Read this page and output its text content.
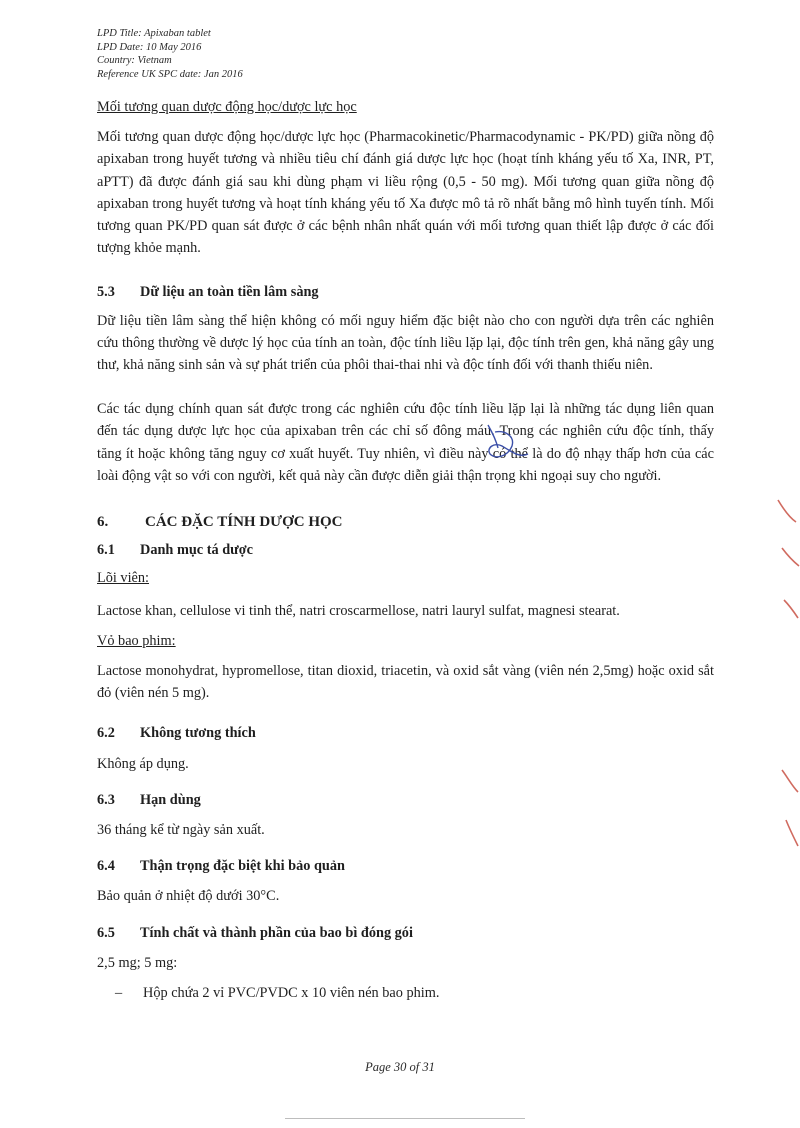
LPD Title: Apixaban tablet
LPD Date: 10 May 2016
Country: Vietnam
Reference UK SPC date: Jan 2016
Mối tương quan dược động học/dược lực học

Mối tương quan dược động học/dược lực học (Pharmacokinetic/Pharmacodynamic - PK/PD) giữa nồng độ apixaban trong huyết tương và nhiều tiêu chí đánh giá dược lực học (hoạt tính kháng yếu tố Xa, INR, PT, aPTT) đã được đánh giá sau khi dùng phạm vi liều rộng (0,5 - 50 mg). Mối tương quan giữa nồng độ apixaban trong huyết tương và hoạt tính kháng yếu tố Xa được mô tả rõ nhất bằng mô hình tuyến tính. Mối tương quan PK/PD quan sát được ở các bệnh nhân nhất quán với mối tương quan thiết lập được ở các đối tượng khỏe mạnh.

5.3	Dữ liệu an toàn tiền lâm sàng

Dữ liệu tiền lâm sàng thể hiện không có mối nguy hiểm đặc biệt nào cho con người dựa trên các nghiên cứu thông thường về dược lý học của tính an toàn, độc tính liều lặp lại, độc tính trên gen, khả năng gây ung thư, khả năng sinh sản và sự phát triển của phôi thai-thai nhi và độc tính đối với thanh thiếu niên.

Các tác dụng chính quan sát được trong các nghiên cứu độc tính liều lặp lại là những tác dụng liên quan đến tác dụng dược lực học của apixaban trên các chỉ số đông máu. Trong các nghiên cứu độc tính, thấy tăng ít hoặc không tăng nguy cơ xuất huyết. Tuy nhiên, vì điều này có thể là do độ nhạy thấp hơn của các loài động vật so với con người, kết quả này cần được diễn giải thận trọng khi ngoại suy cho người.

6.	CÁC ĐẶC TÍNH DƯỢC HỌC
6.1	Danh mục tá dược
Lõi viên:

Lactose khan, cellulose vi tinh thể, natri croscarmellose, natri lauryl sulfat, magnesi stearat.

Vỏ bao phim:

Lactose monohydrat, hypromellose, titan dioxid, triacetin, và oxid sắt vàng (viên nén 2,5mg) hoặc oxid sắt đỏ (viên nén 5 mg).

6.2	Không tương thích

Không áp dụng.

6.3	Hạn dùng

36 tháng kể từ ngày sản xuất.

6.4	Thận trọng đặc biệt khi bảo quản

Bảo quản ở nhiệt độ dưới 30°C.

6.5	Tính chất và thành phần của bao bì đóng gói

2,5 mg; 5 mg:

–	Hộp chứa 2 vỉ PVC/PVDC x 10 viên nén bao phim.
Page 30 of 31
